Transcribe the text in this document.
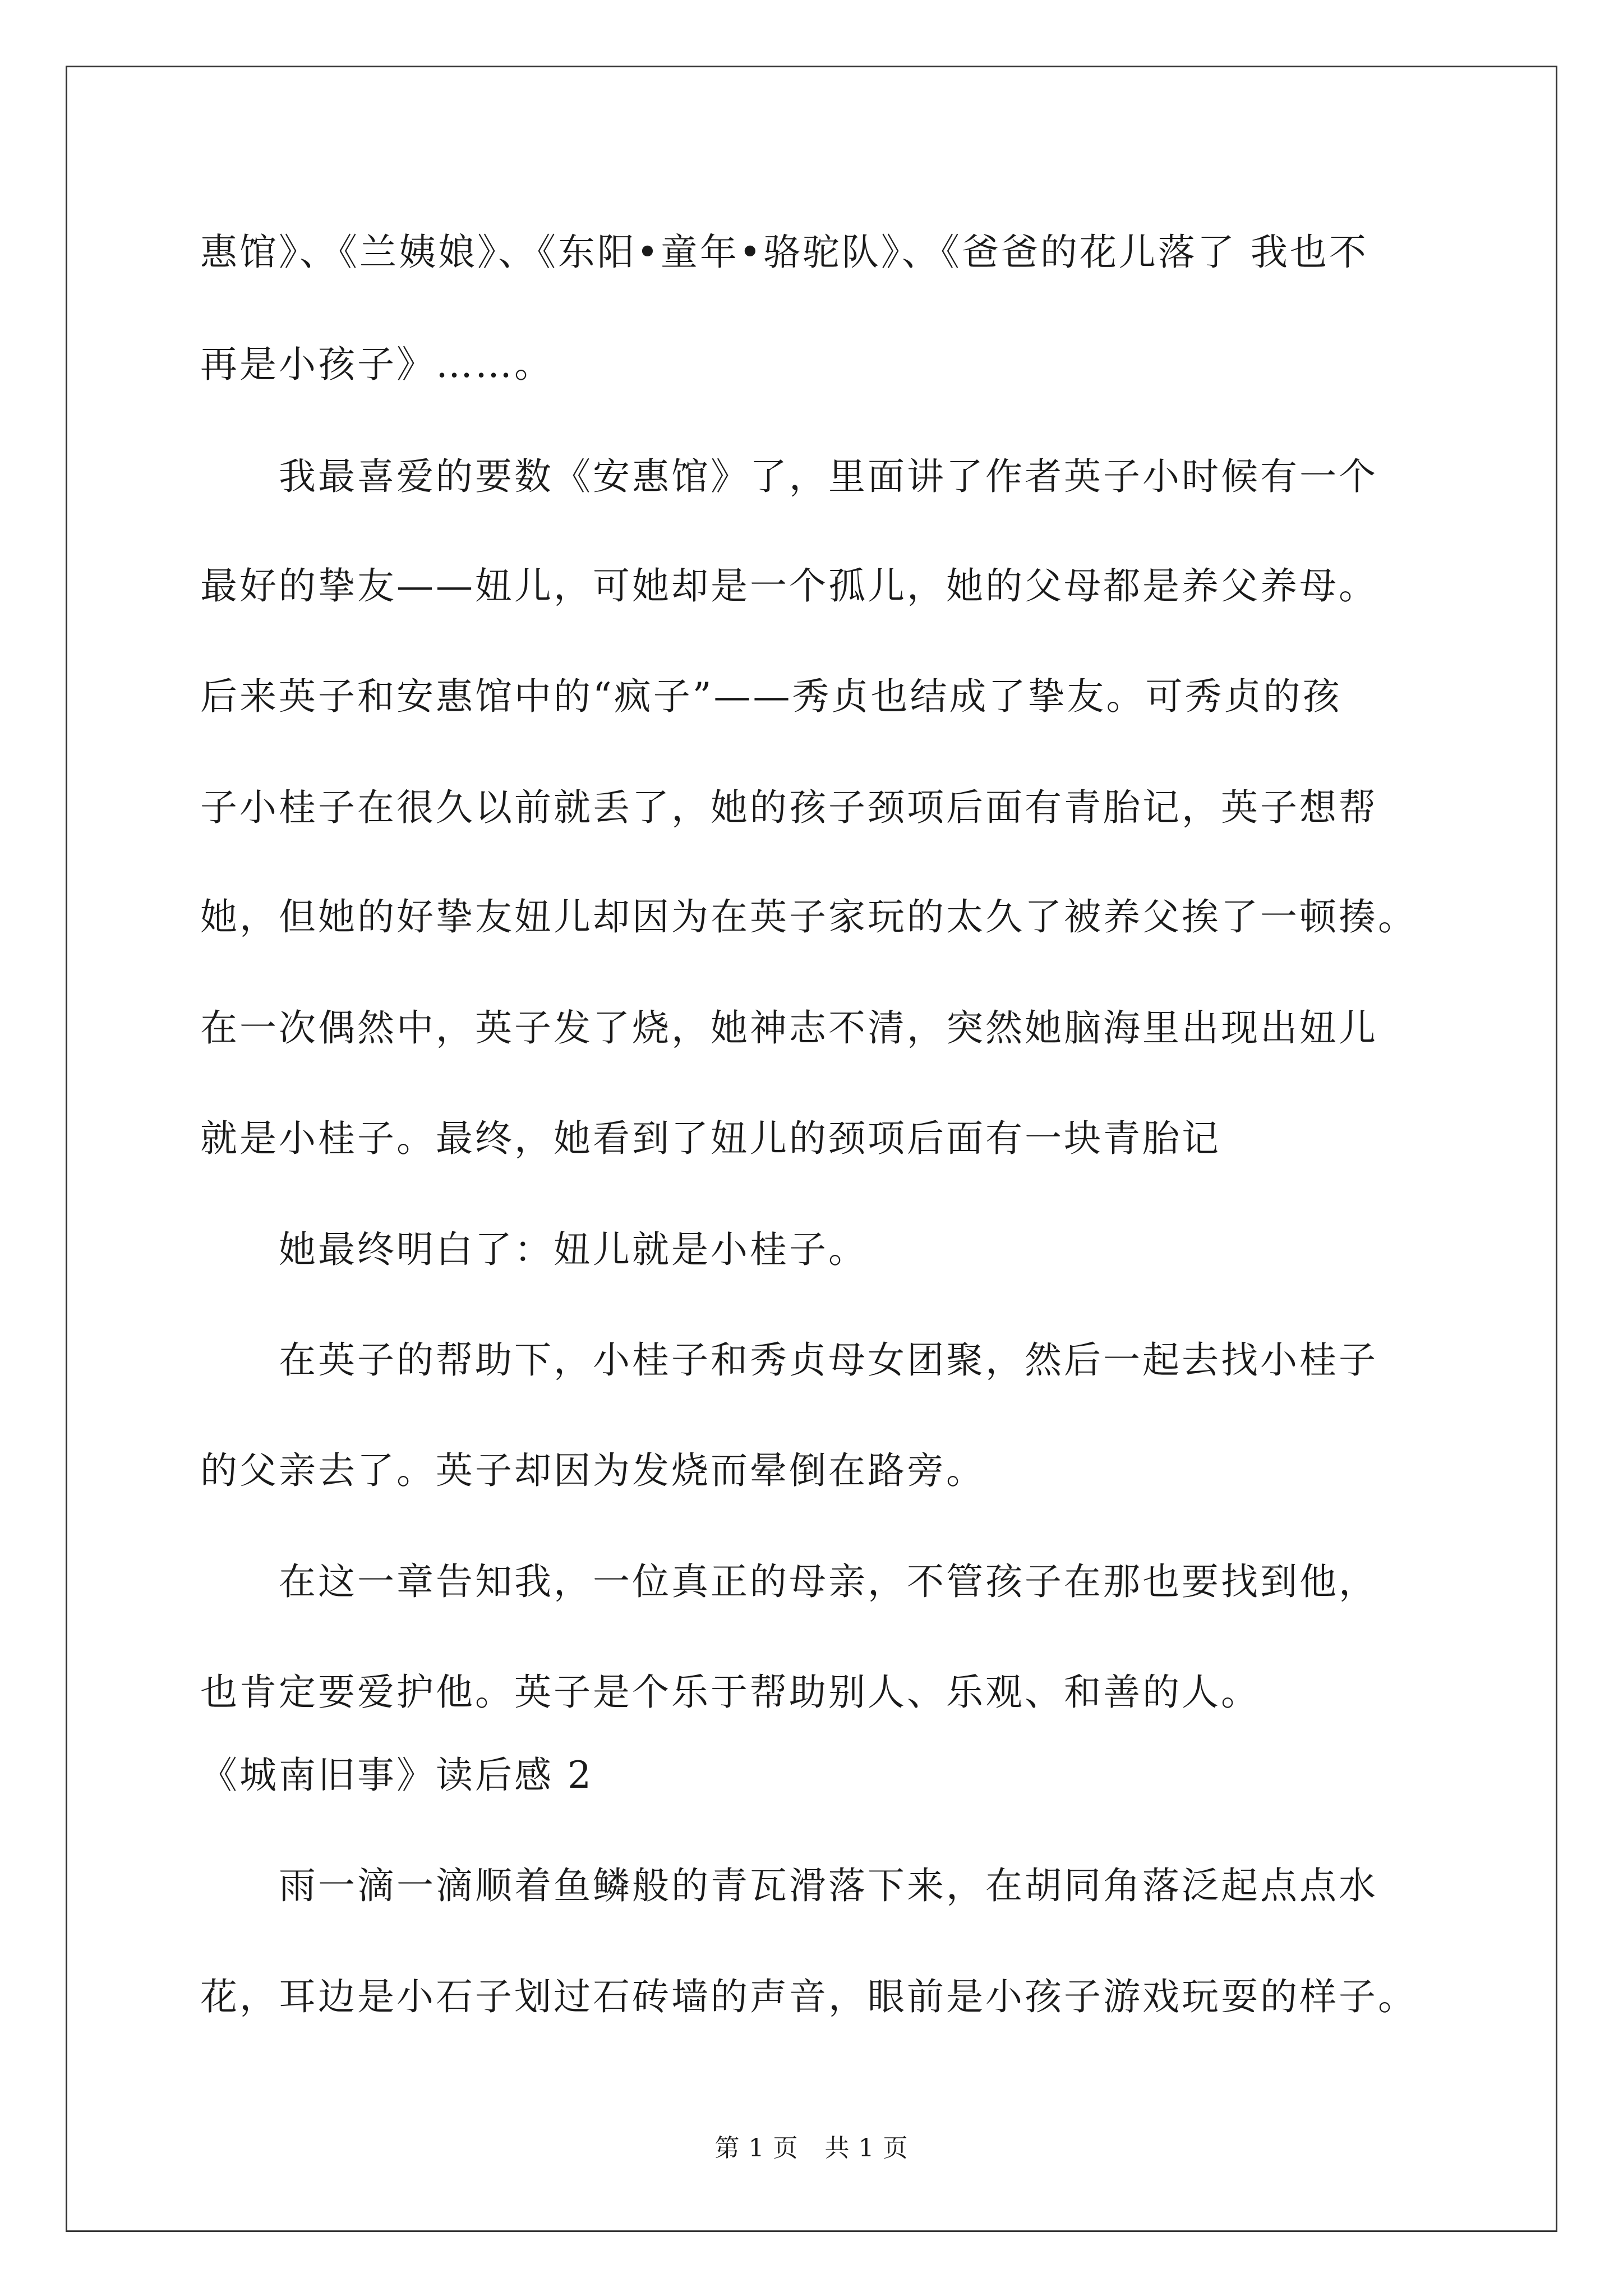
惠馆》、《兰姨娘》、《东阳•童年•骆驼队》、《爸爸的花儿落了 我也不
再是小孩子》……。
　　我最喜爱的要数《安惠馆》了，里面讲了作者英子小时候有一个
最好的挚友——妞儿，可她却是一个孤儿，她的父母都是养父养母。
后来英子和安惠馆中的“疯子”——秀贞也结成了挚友。可秀贞的孩
子小桂子在很久以前就丢了，她的孩子颈项后面有青胎记，英子想帮
她，但她的好挚友妞儿却因为在英子家玩的太久了被养父挨了一顿揍。
在一次偶然中，英子发了烧，她神志不清，突然她脑海里出现出妞儿
就是小桂子。最终，她看到了妞儿的颈项后面有一块青胎记
　　她最终明白了：妞儿就是小桂子。
　　在英子的帮助下，小桂子和秀贞母女团聚，然后一起去找小桂子
的父亲去了。英子却因为发烧而晕倒在路旁。
　　在这一章告知我，一位真正的母亲，不管孩子在那也要找到他，
也肯定要爱护他。英子是个乐于帮助别人、乐观、和善的人。
《城南旧事》读后感 2
　　雨一滴一滴顺着鱼鳞般的青瓦滑落下来，在胡同角落泛起点点水
花，耳边是小石子划过石砖墙的声音，眼前是小孩子游戏玩耍的样子。
第 1 页 共 1 页
